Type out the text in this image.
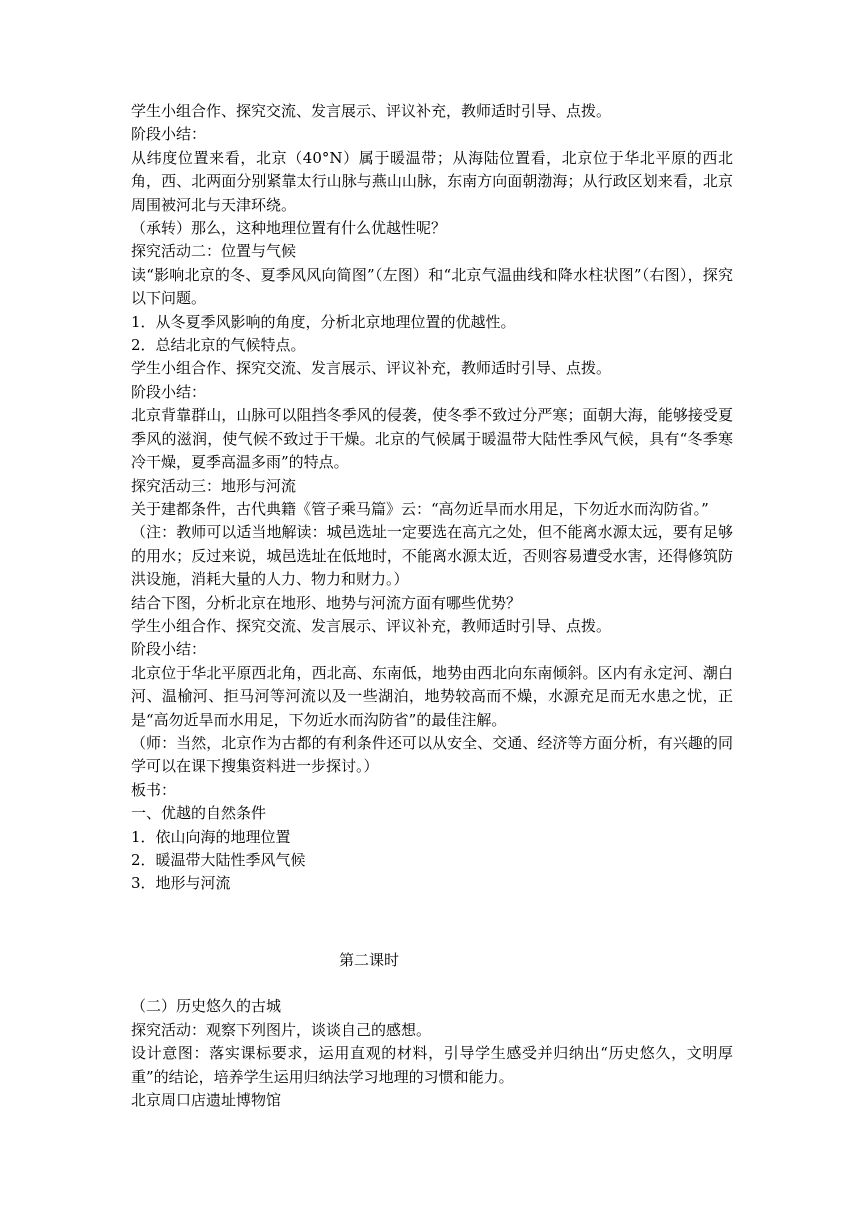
学生小组合作、探究交流、发言展示、评议补充，教师适时引导、点拨。

阶段小结：

从纬度位置来看，北京（40°N）属于暖温带；从海陆位置看，北京位于华北平原的西北角，西、北两面分别紧靠太行山脉与燕山山脉，东南方向面朝渤海；从行政区划来看，北京周围被河北与天津环绕。

（承转）那么，这种地理位置有什么优越性呢？

探究活动二：位置与气候

读“影响北京的冬、夏季风风向简图”（左图）和“北京气温曲线和降水柱状图”（右图），探究以下问题。

1．从冬夏季风影响的角度，分析北京地理位置的优越性。

2．总结北京的气候特点。

学生小组合作、探究交流、发言展示、评议补充，教师适时引导、点拨。

阶段小结：

北京背靠群山，山脉可以阻挡冬季风的侵袭，使冬季不致过分严寒；面朝大海，能够接受夏季风的滋润，使气候不致过于干燥。北京的气候属于暖温带大陆性季风气候，具有“冬季寒冷干燥，夏季高温多雨”的特点。

探究活动三：地形与河流

关于建都条件，古代典籍《管子乘马篇》云：“高勿近旱而水用足，下勿近水而沟防省。”

（注：教师可以适当地解读：城邑选址一定要选在高亢之处，但不能离水源太远，要有足够的用水；反过来说，城邑选址在低地时，不能离水源太近，否则容易遭受水害，还得修筑防洪设施，消耗大量的人力、物力和财力。）

结合下图，分析北京在地形、地势与河流方面有哪些优势？

学生小组合作、探究交流、发言展示、评议补充，教师适时引导、点拨。

阶段小结：

北京位于华北平原西北角，西北高、东南低，地势由西北向东南倾斜。区内有永定河、潮白河、温榆河、拒马河等河流以及一些湖泊，地势较高而不燥，水源充足而无水患之忧，正是“高勿近旱而水用足，下勿近水而沟防省”的最佳注解。

（师：当然，北京作为古都的有利条件还可以从安全、交通、经济等方面分析，有兴趣的同学可以在课下搜集资料进一步探讨。）

板书：

一、优越的自然条件

1．依山向海的地理位置

2．暖温带大陆性季风气候

3．地形与河流

第二课时

（二）历史悠久的古城

探究活动：观察下列图片，谈谈自己的感想。

设计意图：落实课标要求，运用直观的材料，引导学生感受并归纳出“历史悠久，文明厚重”的结论，培养学生运用归纳法学习地理的习惯和能力。

北京周口店遗址博物馆
